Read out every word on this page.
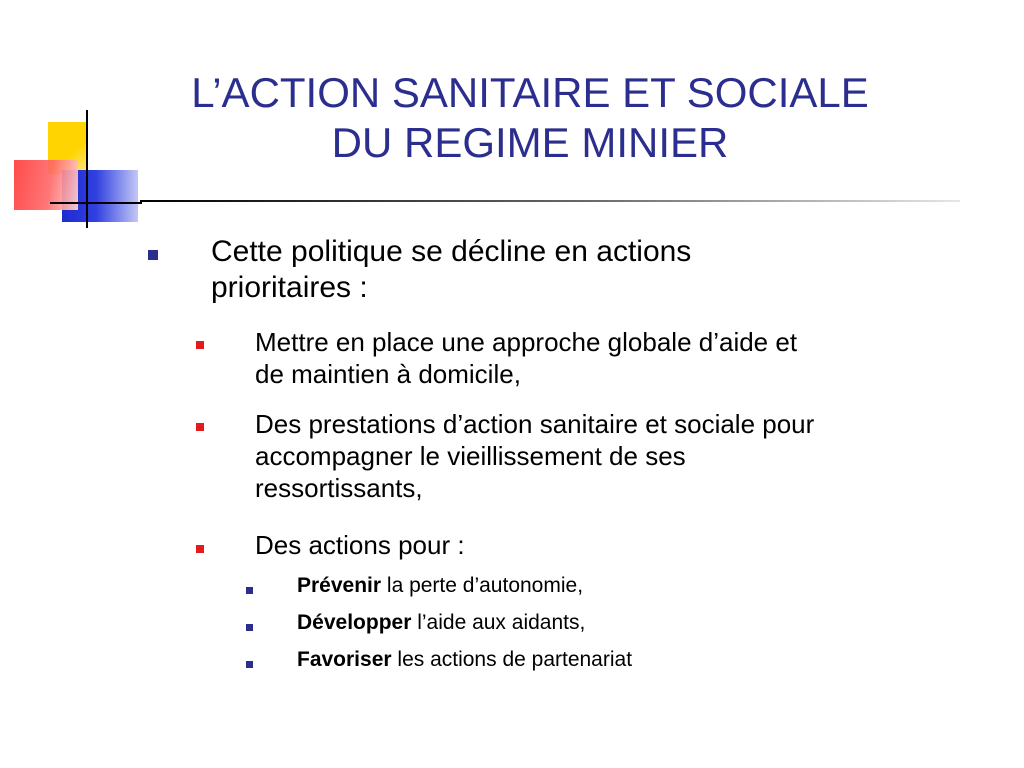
L’ACTION SANITAIRE ET SOCIALE
DU REGIME MINIER
Cette politique se décline en actions
prioritaires :
Mettre en place une approche globale d’aide et
de maintien à domicile,
Des prestations d’action sanitaire et sociale pour
accompagner le vieillissement de ses
ressortissants,
Des actions pour :
Prévenir la perte d’autonomie,
Développer l’aide aux aidants,
Favoriser les actions de partenariat
